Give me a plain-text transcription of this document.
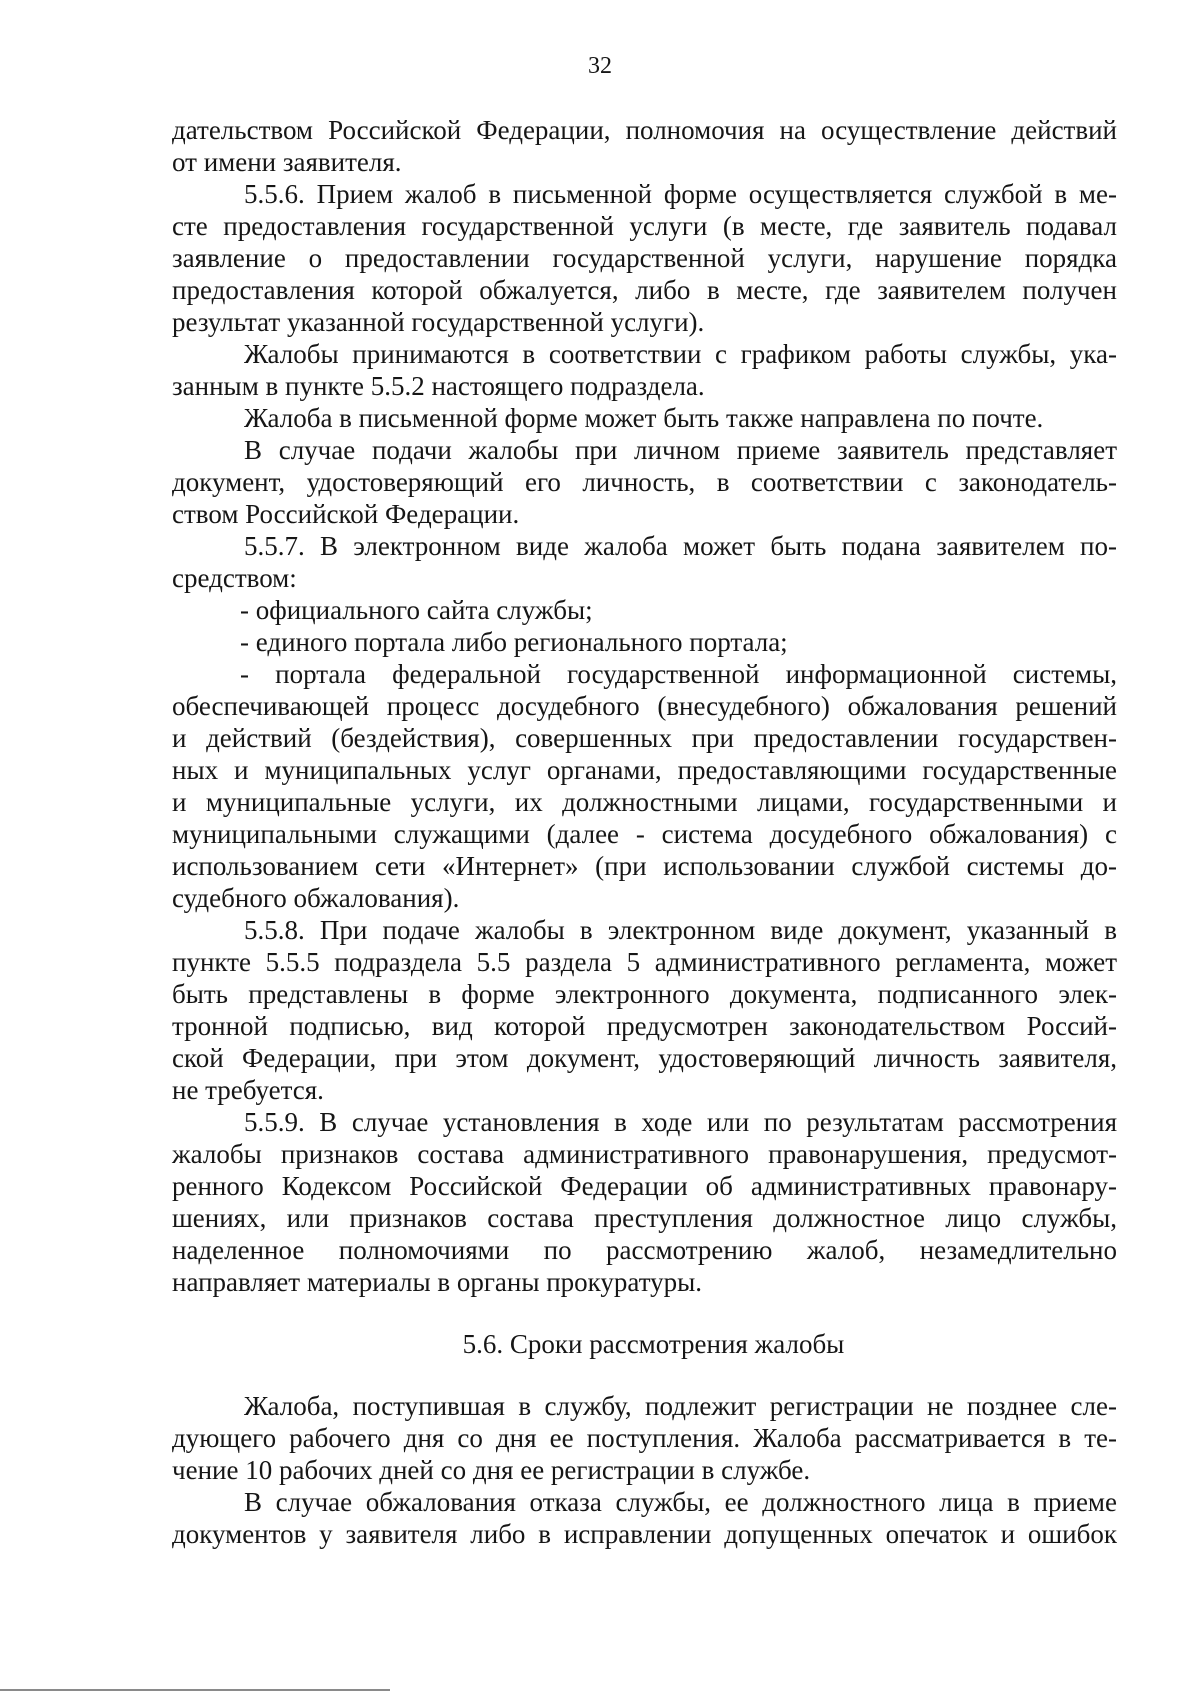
32
дательством Российской Федерации, полномочия на осуществление действий
от имени заявителя.
5.5.6. Прием жалоб в письменной форме осуществляется службой в ме-
сте предоставления государственной услуги (в месте, где заявитель подавал
заявление о предоставлении государственной услуги, нарушение порядка
предоставления которой обжалуется, либо в месте, где заявителем получен
результат указанной государственной услуги).
Жалобы принимаются в соответствии с графиком работы службы, ука-
занным в пункте 5.5.2 настоящего подраздела.
Жалоба в письменной форме может быть также направлена по почте.
В случае подачи жалобы при личном приеме заявитель представляет
документ, удостоверяющий его личность, в соответствии с законодатель-
ством Российской Федерации.
5.5.7. В электронном виде жалоба может быть подана заявителем по-
средством:
- официального сайта службы;
- единого портала либо регионального портала;
- портала федеральной государственной информационной системы,
обеспечивающей процесс досудебного (внесудебного) обжалования решений
и действий (бездействия), совершенных при предоставлении государствен-
ных и муниципальных услуг органами, предоставляющими государственные
и муниципальные услуги, их должностными лицами, государственными и
муниципальными служащими (далее - система досудебного обжалования) с
использованием сети «Интернет» (при использовании службой системы до-
судебного обжалования).
5.5.8. При подаче жалобы в электронном виде документ, указанный в
пункте 5.5.5 подраздела 5.5 раздела 5 административного регламента, может
быть представлены в форме электронного документа, подписанного элек-
тронной подписью, вид которой предусмотрен законодательством Россий-
ской Федерации, при этом документ, удостоверяющий личность заявителя,
не требуется.
5.5.9. В случае установления в ходе или по результатам рассмотрения
жалобы признаков состава административного правонарушения, предусмот-
ренного Кодексом Российской Федерации об административных правонару-
шениях, или признаков состава преступления должностное лицо службы,
наделенное полномочиями по рассмотрению жалоб, незамедлительно
направляет материалы в органы прокуратуры.
5.6. Сроки рассмотрения жалобы
Жалоба, поступившая в службу, подлежит регистрации не позднее сле-
дующего рабочего дня со дня ее поступления. Жалоба рассматривается в те-
чение 10 рабочих дней со дня ее регистрации в службе.
В случае обжалования отказа службы, ее должностного лица в приеме
документов у заявителя либо в исправлении допущенных опечаток и ошибок
